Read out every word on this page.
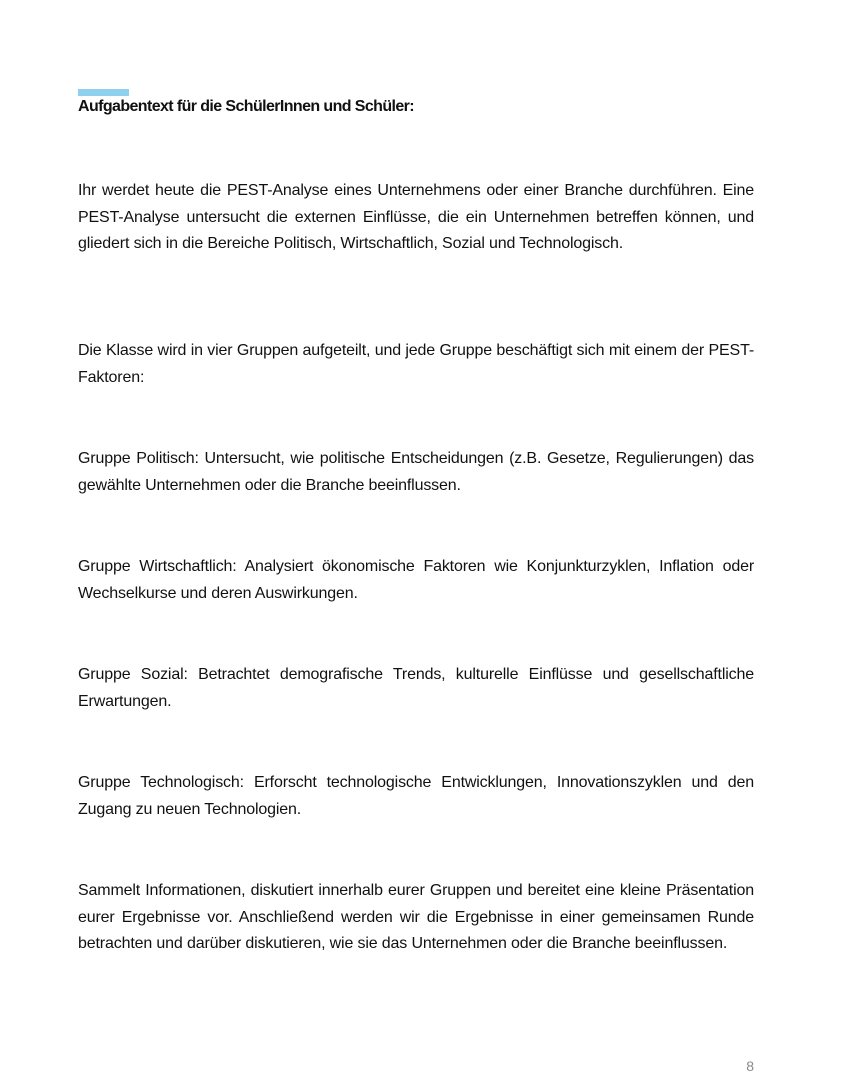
Aufgabentext für die SchülerInnen und Schüler:

Ihr werdet heute die PEST-Analyse eines Unternehmens oder einer Branche durchführen. Eine PEST-Analyse untersucht die externen Einflüsse, die ein Unternehmen betreffen können, und gliedert sich in die Bereiche Politisch, Wirtschaftlich, Sozial und Technologisch.

Die Klasse wird in vier Gruppen aufgeteilt, und jede Gruppe beschäftigt sich mit einem der PEST-Faktoren:

Gruppe Politisch: Untersucht, wie politische Entscheidungen (z.B. Gesetze, Regulierungen) das gewählte Unternehmen oder die Branche beeinflussen.

Gruppe Wirtschaftlich: Analysiert ökonomische Faktoren wie Konjunkturzyklen, Inflation oder Wechselkurse und deren Auswirkungen.

Gruppe Sozial: Betrachtet demografische Trends, kulturelle Einflüsse und gesellschaftliche Erwartungen.

Gruppe Technologisch: Erforscht technologische Entwicklungen, Innovationszyklen und den Zugang zu neuen Technologien.

Sammelt Informationen, diskutiert innerhalb eurer Gruppen und bereitet eine kleine Präsentation eurer Ergebnisse vor. Anschließend werden wir die Ergebnisse in einer gemeinsamen Runde betrachten und darüber diskutieren, wie sie das Unternehmen oder die Branche beeinflussen.

8
